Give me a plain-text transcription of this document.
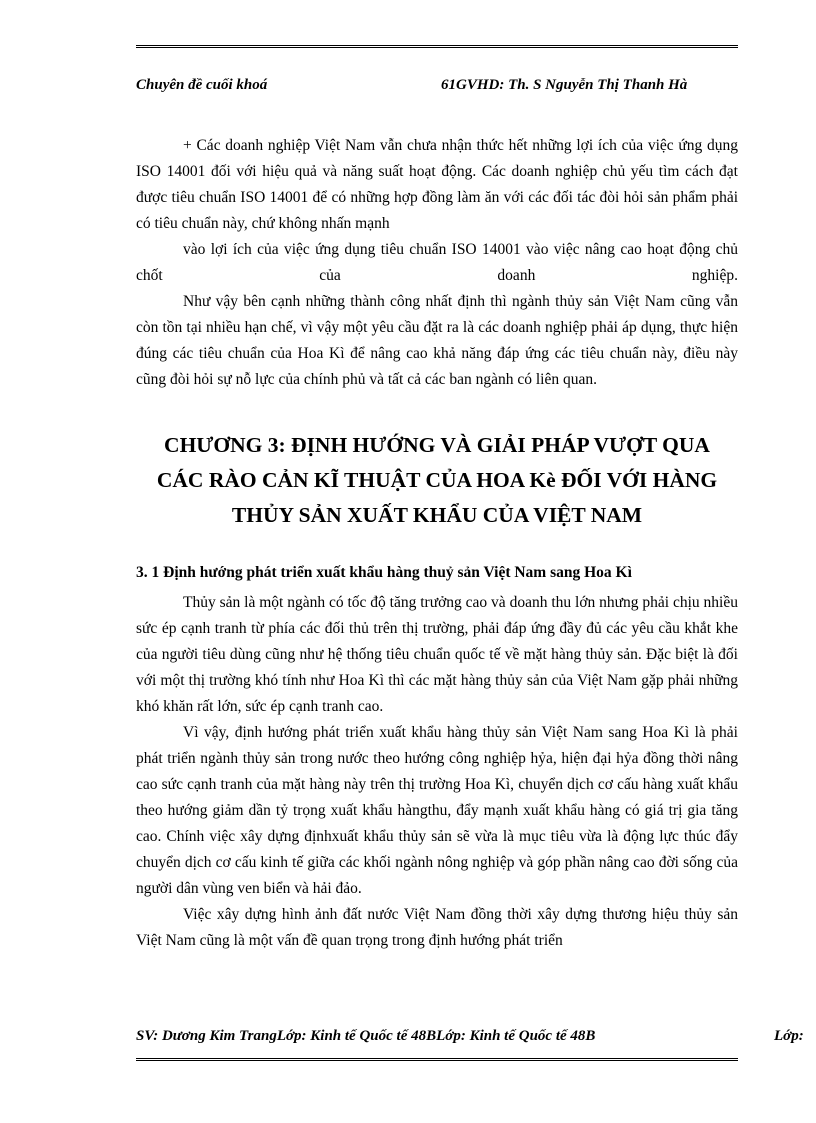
Chuyên đề cuối khoá	61GVHD: Th. S Nguyễn Thị Thanh Hà

+ Các doanh nghiệp Việt Nam vẫn chưa nhận thức hết những lợi ích của việc ứng dụng ISO 14001 đối với hiệu quả và năng suất hoạt động. Các doanh nghiệp chủ yếu tìm cách đạt được tiêu chuẩn ISO 14001 để có những hợp đồng làm ăn với các đối tác đòi hỏi sản phẩm phải có tiêu chuẩn này, chứ không nhấn mạnh

vào lợi ích của việc ứng dụng tiêu chuẩn ISO 14001 vào việc nâng cao hoạt động chủ chốt của doanh nghiệp.

Như vậy bên cạnh những thành công nhất định thì ngành thủy sản Việt Nam cũng vẫn còn tồn tại nhiều hạn chế, vì vậy một yêu cầu đặt ra là các doanh nghiệp phải áp dụng, thực hiện đúng các tiêu chuẩn của Hoa Kì để nâng cao khả năng đáp ứng các tiêu chuẩn này, điều này cũng đòi hỏi sự nỗ lực của chính phủ và tất cả các ban ngành có liên quan.

CHƯƠNG 3: ĐỊNH HƯỚNG VÀ GIẢI PHÁP VƯỢT QUA
CÁC RÀO CẢN KĨ THUẬT CỦA HOA Kè ĐỐI VỚI HÀNG
THỦY SẢN XUẤT KHẨU CỦA VIỆT NAM
3. 1 Định hướng phát triển xuất khẩu hàng thuỷ sản Việt Nam sang Hoa Kì

Thủy sản là một ngành có tốc độ tăng trưởng cao và doanh thu lớn nhưng phải chịu nhiều sức ép cạnh tranh từ phía các đối thủ trên thị trường, phải đáp ứng đầy đủ các yêu cầu khắt khe của người tiêu dùng cũng như hệ thống tiêu chuẩn quốc tế về mặt hàng thủy sản. Đặc biệt là đối với một thị trường khó tính như Hoa Kì thì các mặt hàng thủy sản của Việt Nam gặp phải những khó khăn rất lớn, sức ép cạnh tranh cao.

Vì vậy, định hướng phát triển xuất khẩu hàng thủy sản Việt Nam sang Hoa Kì là phải phát triển ngành thủy sản trong nước theo hướng công nghiệp hỷa, hiện đại hỷa đồng thời nâng cao sức cạnh tranh của mặt hàng này trên thị trường Hoa Kì, chuyển dịch cơ cấu hàng xuất khẩu theo hướng giảm dần tỷ trọng xuất khẩu hàngthu, đẩy mạnh xuất khẩu hàng có giá trị gia tăng cao. Chính việc xây dựng địnhxuất khẩu thủy sản sẽ vừa là mục tiêu vừa là động lực thúc đẩy chuyển dịch cơ cấu kinh tế giữa các khối ngành nông nghiệp và góp phần nâng cao đời sống của người dân vùng ven biển và hải đảo.

Việc xây dựng hình ảnh đất nước Việt Nam đồng thời xây dựng thương hiệu thủy sản Việt Nam cũng là một vấn đề quan trọng trong định hướng phát triển

SV: Dương Kim TrangLớp: Kinh tế Quốc tế 48BLớp: Kinh tế Quốc tế 48B	Lớp:
